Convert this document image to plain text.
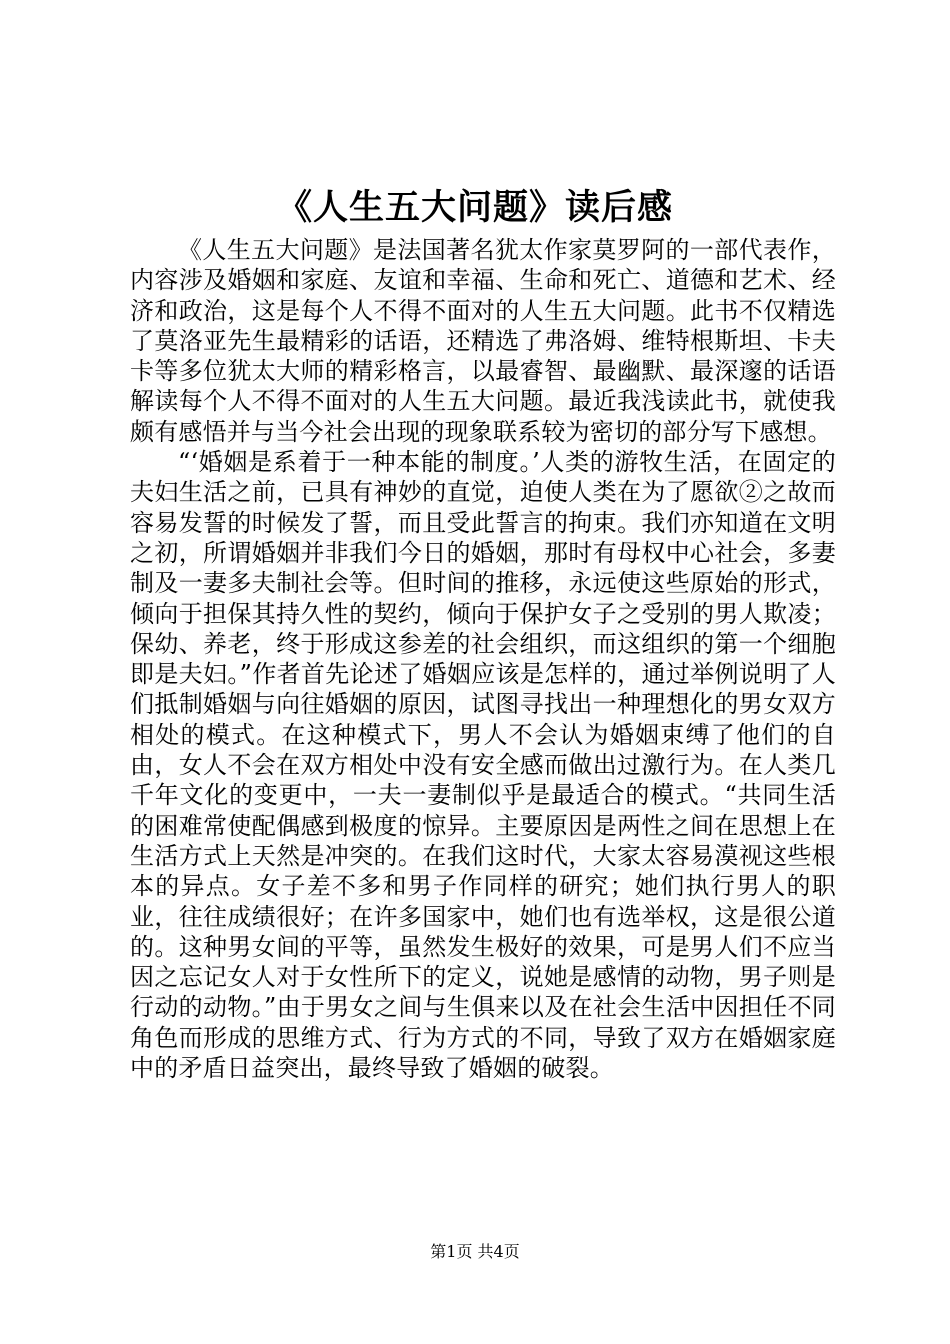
《人生五大问题》读后感

《人生五大问题》是法国著名犹太作家莫罗阿的一部代表作，内容涉及婚姻和家庭、友谊和幸福、生命和死亡、道德和艺术、经济和政治，这是每个人不得不面对的人生五大问题。此书不仅精选了莫洛亚先生最精彩的话语，还精选了弗洛姆、维特根斯坦、卡夫卡等多位犹太大师的精彩格言，以最睿智、最幽默、最深邃的话语解读每个人不得不面对的人生五大问题。最近我浅读此书，就使我颇有感悟并与当今社会出现的现象联系较为密切的部分写下感想。

“‘婚姻是系着于一种本能的制度。’人类的游牧生活，在固定的夫妇生活之前，已具有神妙的直觉，迫使人类在为了愿欲②之故而容易发誓的时候发了誓，而且受此誓言的拘束。我们亦知道在文明之初，所谓婚姻并非我们今日的婚姻，那时有母权中心社会，多妻制及一妻多夫制社会等。但时间的推移，永远使这些原始的形式，倾向于担保其持久性的契约，倾向于保护女子之受别的男人欺凌；保幼、养老，终于形成这参差的社会组织，而这组织的第一个细胞即是夫妇。”作者首先论述了婚姻应该是怎样的，通过举例说明了人们抵制婚姻与向往婚姻的原因，试图寻找出一种理想化的男女双方相处的模式。在这种模式下，男人不会认为婚姻束缚了他们的自由，女人不会在双方相处中没有安全感而做出过激行为。在人类几千年文化的变更中，一夫一妻制似乎是最适合的模式。“共同生活的困难常使配偶感到极度的惊异。主要原因是两性之间在思想上在生活方式上天然是冲突的。在我们这时代，大家太容易漠视这些根本的异点。女子差不多和男子作同样的研究；她们执行男人的职业，往往成绩很好；在许多国家中，她们也有选举权，这是很公道的。这种男女间的平等，虽然发生极好的效果，可是男人们不应当因之忘记女人对于女性所下的定义，说她是感情的动物，男子则是行动的动物。”由于男女之间与生俱来以及在社会生活中因担任不同角色而形成的思维方式、行为方式的不同，导致了双方在婚姻家庭中的矛盾日益突出，最终导致了婚姻的破裂。

第1页 共4页
